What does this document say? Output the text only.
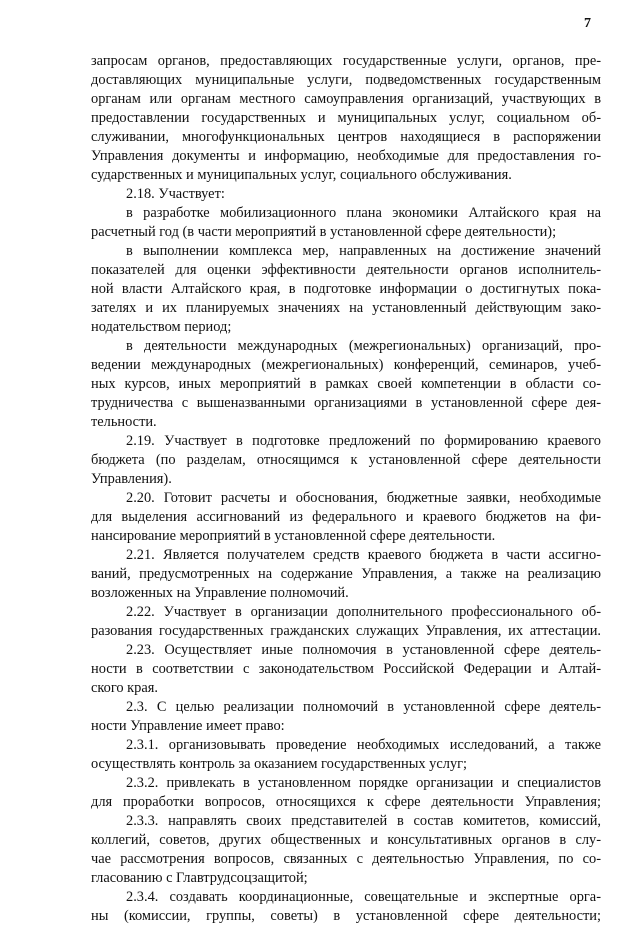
7
запросам органов, предоставляющих государственные услуги, органов, пре-
доставляющих муниципальные услуги, подведомственных государственным
органам или органам местного самоуправления организаций, участвующих в
предоставлении государственных и муниципальных услуг, социальном об-
служивании, многофункциональных центров находящиеся в распоряжении
Управления документы и информацию, необходимые для предоставления го-
сударственных и муниципальных услуг, социального обслуживания.
2.18. Участвует:
в разработке мобилизационного плана экономики Алтайского края на
расчетный год (в части мероприятий в установленной сфере деятельности);
в выполнении комплекса мер, направленных на достижение значений
показателей для оценки эффективности деятельности органов исполнитель-
ной власти Алтайского края, в подготовке информации о достигнутых пока-
зателях и их планируемых значениях на установленный действующим зако-
нодательством период;
в деятельности международных (межрегиональных) организаций, про-
ведении международных (межрегиональных) конференций, семинаров, учеб-
ных курсов, иных мероприятий в рамках своей компетенции в области со-
трудничества с вышеназванными организациями в установленной сфере дея-
тельности.
2.19. Участвует в подготовке предложений по формированию краевого
бюджета (по разделам, относящимся к установленной сфере деятельности
Управления).
2.20. Готовит расчеты и обоснования, бюджетные заявки, необходимые
для выделения ассигнований из федерального и краевого бюджетов на фи-
нансирование мероприятий в установленной сфере деятельности.
2.21. Является получателем средств краевого бюджета в части ассигно-
ваний, предусмотренных на содержание Управления, а также на реализацию
возложенных на Управление полномочий.
2.22. Участвует в организации дополнительного профессионального об-
разования государственных гражданских служащих Управления, их аттестации.
2.23. Осуществляет иные полномочия в установленной сфере деятель-
ности в соответствии с законодательством Российской Федерации и Алтай-
ского края.
2.3. С целью реализации полномочий в установленной сфере деятель-
ности Управление имеет право:
2.3.1. организовывать проведение необходимых исследований, а также
осуществлять контроль за оказанием государственных услуг;
2.3.2. привлекать в установленном порядке организации и специалистов
для проработки вопросов, относящихся к сфере деятельности Управления;
2.3.3. направлять своих представителей в состав комитетов, комиссий,
коллегий, советов, других общественных и консультативных органов в слу-
чае рассмотрения вопросов, связанных с деятельностью Управления, по со-
гласованию с Главтрудсоцзащитой;
2.3.4. создавать координационные, совещательные и экспертные орга-
ны (комиссии, группы, советы) в установленной сфере деятельности;
